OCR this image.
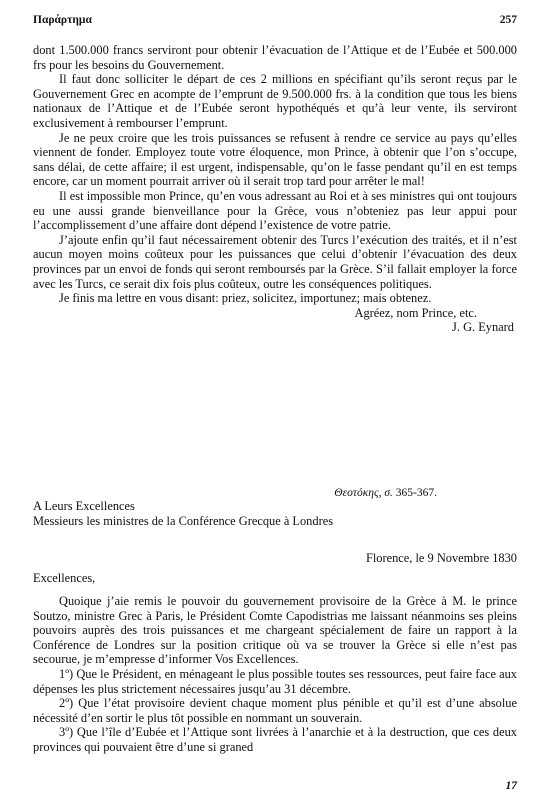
Παράρτημα	257

dont 1.500.000 francs serviront pour obtenir l’évacuation de l’Attique et de l’Eubée et 500.000 frs pour les besoins du Gouvernement.

Il faut donc solliciter le départ de ces 2 millions en spécifiant qu’ils seront reçus par le Gouvernement Grec en acompte de l’emprunt de 9.500.000 frs. à la condition que tous les biens nationaux de l’Attique et de l’Eubée seront hypothéqués et qu’à leur vente, ils serviront exclusivement à rembourser l’emprunt.

Je ne peux croire que les trois puissances se refusent à rendre ce service au pays qu’elles viennent de fonder. Employez toute votre éloquence, mon Prince, à obtenir que l’on s’occupe, sans délai, de cette affaire; il est urgent, indispensable, qu’on le fasse pendant qu’il en est temps encore, car un moment pourrait arriver où il serait trop tard pour arrêter le mal!

Il est impossible mon Prince, qu’en vous adressant au Roi et à ses ministres qui ont toujours eu une aussi grande bienveillance pour la Grèce, vous n’obteniez pas leur appui pour l’accomplissement d’une affaire dont dépend l’existence de votre patrie.

J’ajoute enfin qu’il faut nécessairement obtenir des Turcs l’exécution des traités, et il n’est aucun moyen moins coûteux pour les puissances que celui d’obtenir l’évacuation des deux provinces par un envoi de fonds qui seront remboursés par la Grèce. S’il fallait employer la force avec les Turcs, ce serait dix fois plus coûteux, outre les conséquences politiques.

Je finis ma lettre en vous disant: priez, solicitez, importunez; mais obtenez.

Agréez, nom Prince, etc.

J. G. Eynard

Θεοτόκης, σ. 365-367.
A Leurs Excellences
Messieurs les ministres de la Conférence Grecque à Londres
Florence, le 9 Novembre 1830
Excellences,

Quoique j’aie remis le pouvoir du gouvernement provisoire de la Grèce à M. le prince Soutzo, ministre Grec à Paris, le Président Comte Capodistrias me laissant néanmoins ses pleins pouvoirs auprès des trois puissances et me chargeant spécialement de faire un rapport à la Conférence de Londres sur la position critique où va se trouver la Grèce si elle n’est pas secourue, je m’empresse d’informer Vos Excellences.

1º) Que le Président, en ménageant le plus possible toutes ses ressources, peut faire face aux dépenses les plus strictement nécessaires jusqu’au 31 décembre.

2º) Que l’état provisoire devient chaque moment plus pénible et qu’il est d’une absolue nécessité d’en sortir le plus tôt possible en nommant un souverain.

3º) Que l’île d’Eubée et l’Attique sont livrées à l’anarchie et à la destruction, que ces deux provinces qui pouvaient être d’une si graned

17
